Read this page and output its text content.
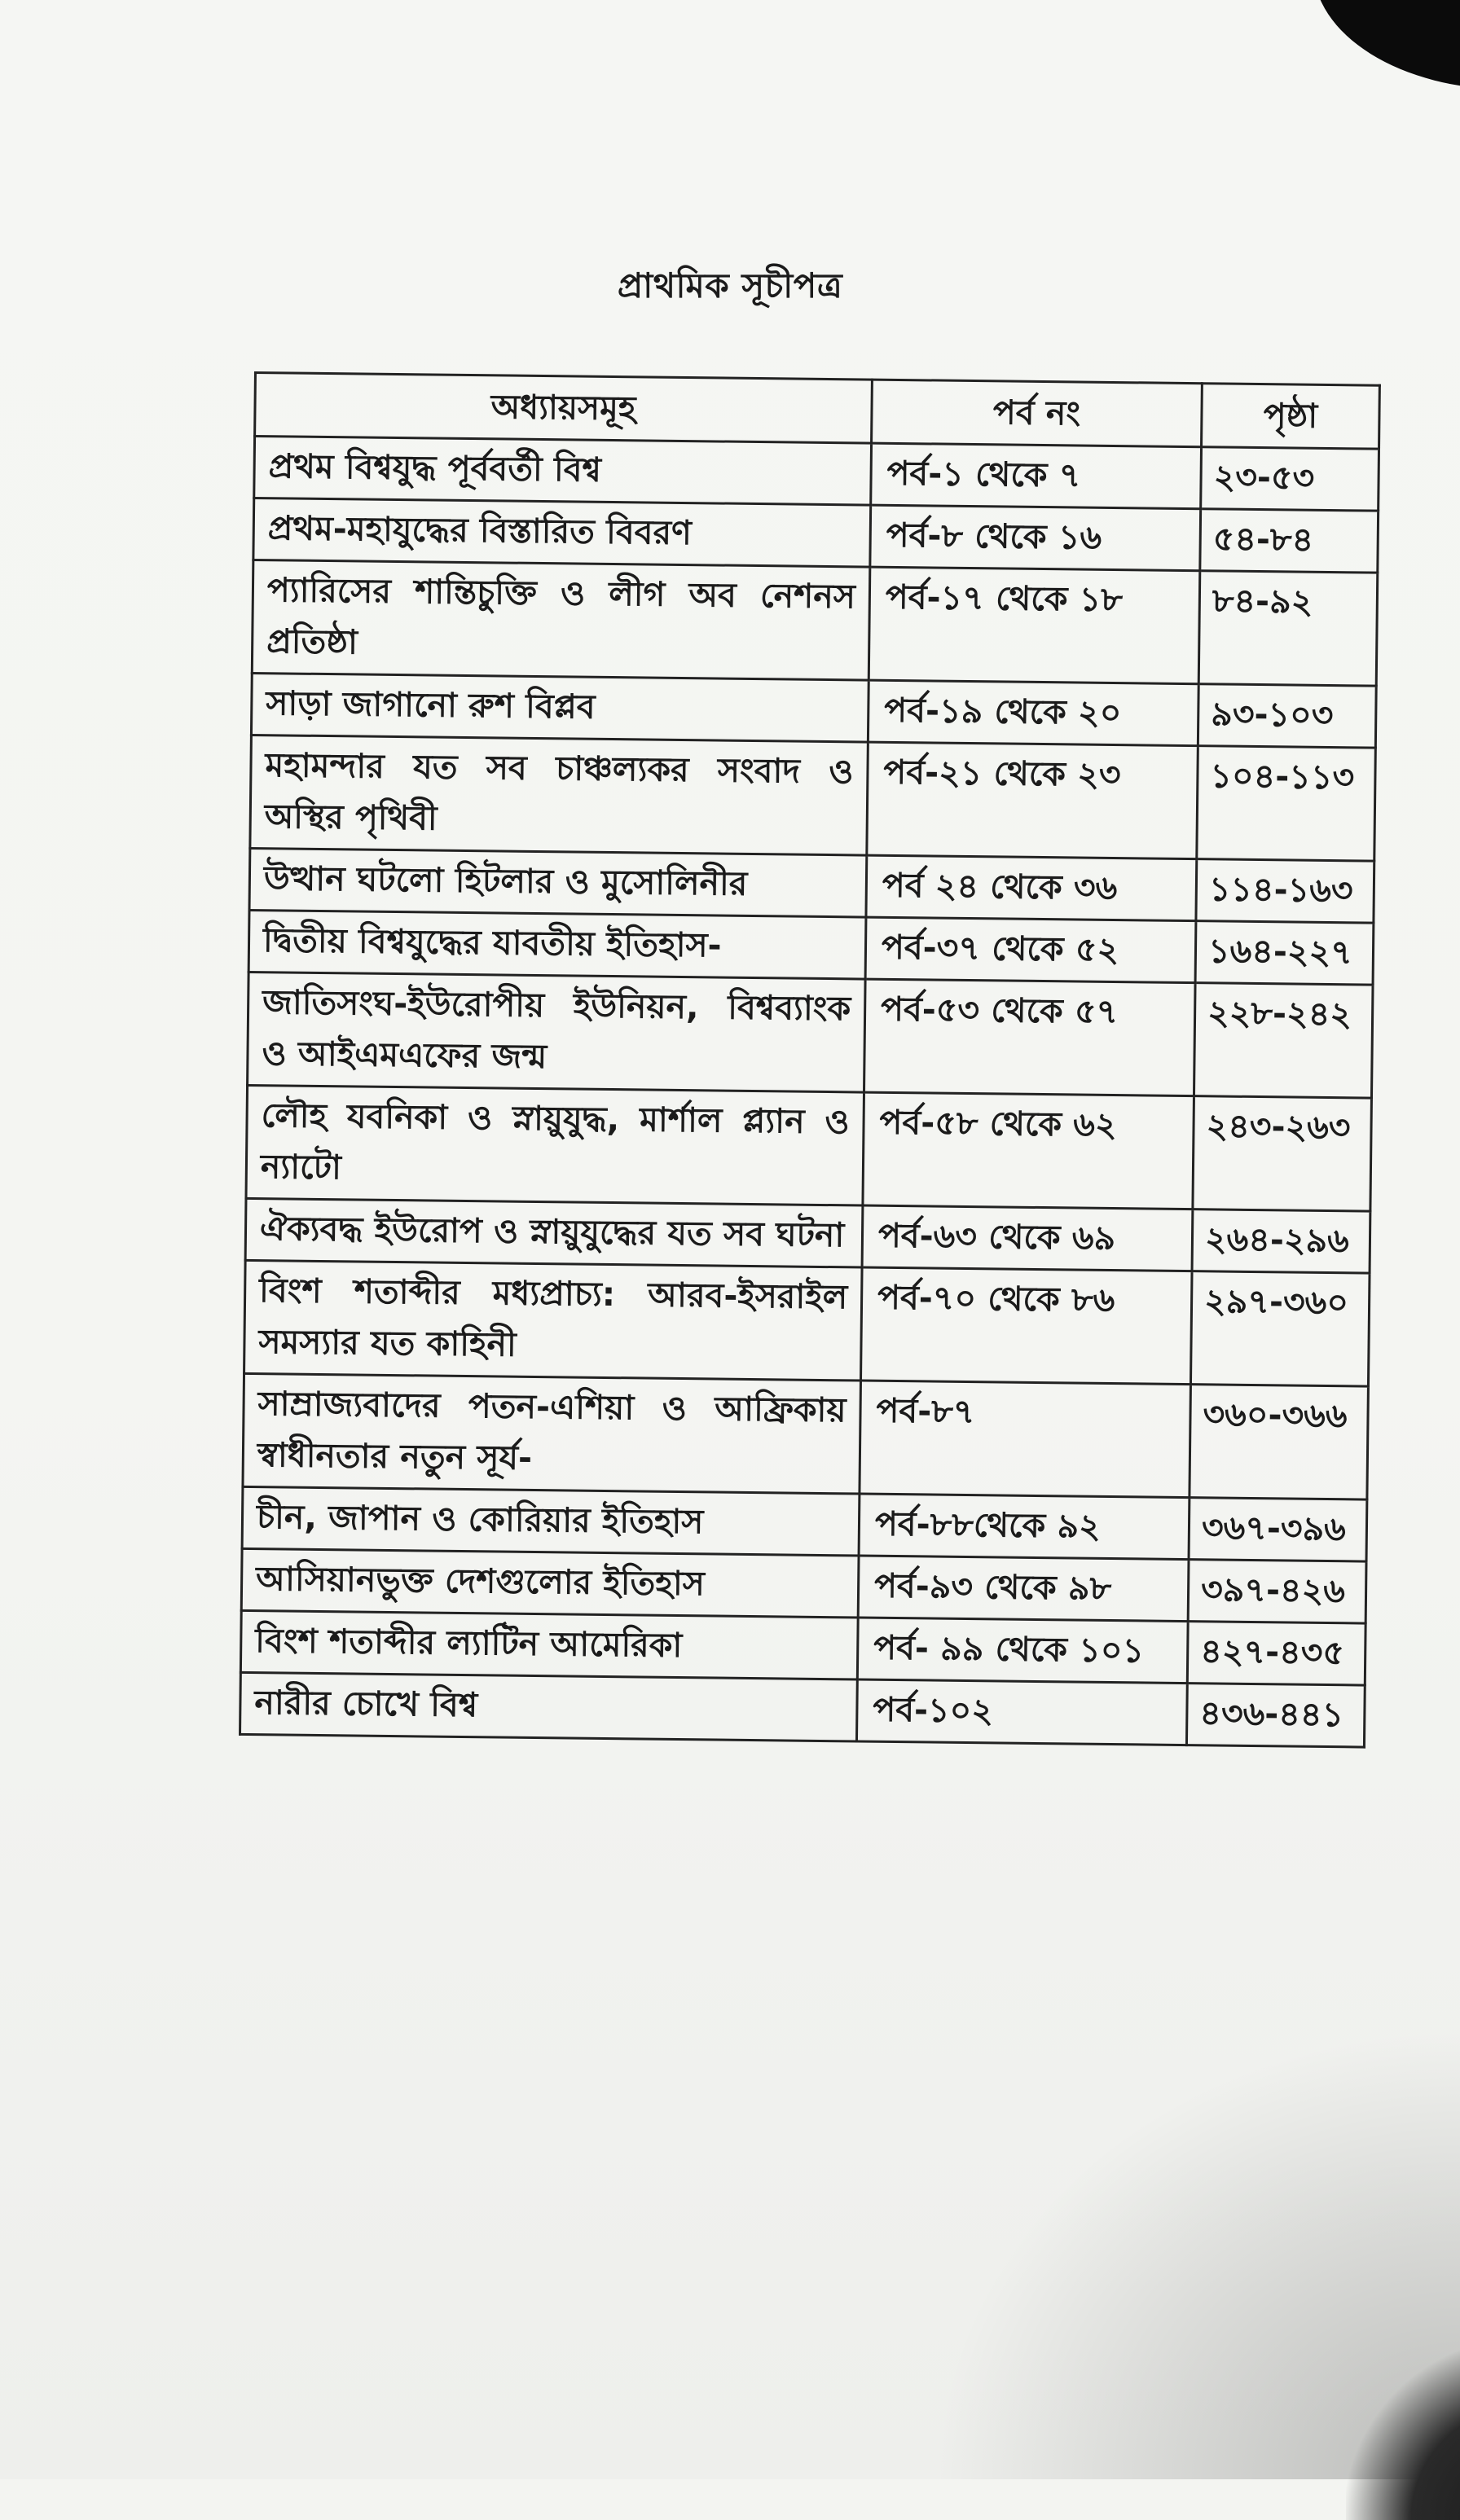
প্রাথমিক সূচীপত্র
অধ্যায়সমূহ	পর্ব নং	পৃষ্ঠা
প্রথম বিশ্বযুদ্ধ পূর্ববর্তী বিশ্ব	পর্ব-১ থেকে ৭	২৩-৫৩
প্রথম-মহাযুদ্ধের বিস্তারিত বিবরণ	পর্ব-৮ থেকে ১৬	৫৪-৮৪
প্যারিসের শান্তিচুক্তি ও লীগ অব নেশনস প্রতিষ্ঠা	পর্ব-১৭ থেকে ১৮	৮৪-৯২
সাড়া জাগানো রুশ বিপ্লব	পর্ব-১৯ থেকে ২০	৯৩-১০৩
মহামন্দার যত সব চাঞ্চল্যকর সংবাদ ও অস্থির পৃথিবী	পর্ব-২১ থেকে ২৩	১০৪-১১৩
উত্থান ঘটলো হিটলার ও মুসোলিনীর	পর্ব ২৪ থেকে ৩৬	১১৪-১৬৩
দ্বিতীয় বিশ্বযুদ্ধের যাবতীয় ইতিহাস-	পর্ব-৩৭ থেকে ৫২	১৬৪-২২৭
জাতিসংঘ-ইউরোপীয় ইউনিয়ন, বিশ্বব্যাংক ও আইএমএফের জন্ম	পর্ব-৫৩ থেকে ৫৭	২২৮-২৪২
লৌহ যবনিকা ও স্নায়ুযুদ্ধ, মার্শাল প্ল্যান ও ন্যাটো	পর্ব-৫৮ থেকে ৬২	২৪৩-২৬৩
ঐক্যবদ্ধ ইউরোপ ও স্নায়ুযুদ্ধের যত সব ঘটনা	পর্ব-৬৩ থেকে ৬৯	২৬৪-২৯৬
বিংশ শতাব্দীর মধ্যপ্রাচ্য: আরব-ইসরাইল সমস্যার যত কাহিনী	পর্ব-৭০ থেকে ৮৬	২৯৭-৩৬০
সাম্রাজ্যবাদের পতন-এশিয়া ও আফ্রিকায় স্বাধীনতার নতুন সূর্য-	পর্ব-৮৭	৩৬০-৩৬৬
চীন, জাপান ও কোরিয়ার ইতিহাস	পর্ব-৮৮থেকে ৯২	৩৬৭-৩৯৬
আসিয়ানভুক্ত দেশগুলোর ইতিহাস	পর্ব-৯৩ থেকে ৯৮	৩৯৭-৪২৬
বিংশ শতাব্দীর ল্যাটিন আমেরিকা	পর্ব- ৯৯ থেকে ১০১	৪২৭-৪৩৫
নারীর চোখে বিশ্ব	পর্ব-১০২	৪৩৬-৪৪১
